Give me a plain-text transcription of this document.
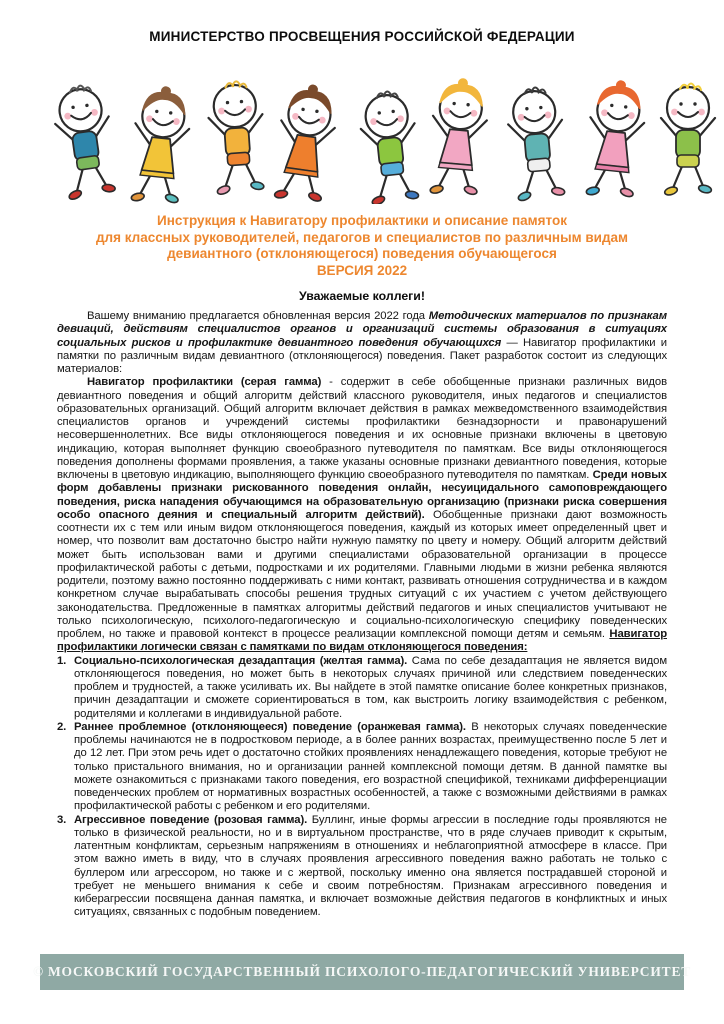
МИНИСТЕРСТВО ПРОСВЕЩЕНИЯ РОССИЙСКОЙ ФЕДЕРАЦИИ
Инструкция к Навигатору профилактики и описание памяток
для классных руководителей, педагогов и специалистов по различным видам
девиантного (отклоняющегося) поведения обучающегося
ВЕРСИЯ 2022
Уважаемые коллеги!

Вашему вниманию предлагается обновленная версия 2022 года Методических материалов по признакам девиаций, действиям специалистов органов и организаций системы образования в ситуациях социальных рисков и профилактике девиантного поведения обучающихся — Навигатор профилактики и памятки по различным видам девиантного (отклоняющегося) поведения. Пакет разработок состоит из следующих материалов:

Навигатор профилактики (серая гамма) - содержит в себе обобщенные признаки различных видов девиантного поведения и общий алгоритм действий классного руководителя, иных педагогов и специалистов образовательных организаций. Общий алгоритм включает действия в рамках межведомственного взаимодействия специалистов органов и учреждений системы профилактики безнадзорности и правонарушений несовершеннолетних. Все виды отклоняющегося поведения и их основные признаки включены в цветовую индикацию, которая выполняет функцию своеобразного путеводителя по памяткам. Все виды отклоняющегося поведения дополнены формами проявления, а также указаны основные признаки девиантного поведения, которые включены в цветовую индикацию, выполняющего функцию своеобразного путеводителя по памяткам. Среди новых форм добавлены признаки рискованного поведения онлайн, несуицидального самоповреждающего поведения, риска нападения обучающимся на образовательную организацию (признаки риска совершения особо опасного деяния и специальный алгоритм действий). Обобщенные признаки дают возможность соотнести их с тем или иным видом отклоняющегося поведения, каждый из которых имеет определенный цвет и номер, что позволит вам достаточно быстро найти нужную памятку по цвету и номеру. Общий алгоритм действий может быть использован вами и другими специалистами образовательной организации в процессе профилактической работы с детьми, подростками и их родителями. Главными людьми в жизни ребенка являются родители, поэтому важно постоянно поддерживать с ними контакт, развивать отношения сотрудничества и в каждом конкретном случае вырабатывать способы решения трудных ситуаций с их участием с учетом действующего законодательства. Предложенные в памятках алгоритмы действий педагогов и иных специалистов учитывают не только психологическую, психолого-педагогическую и социально-психологическую специфику поведенческих проблем, но также и правовой контекст в процессе реализации комплексной помощи детям и семьям. Навигатор профилактики логически связан с памятками по видам отклоняющегося поведения:

1. Социально-психологическая дезадаптация (желтая гамма). Сама по себе дезадаптация не является видом отклоняющегося поведения, но может быть в некоторых случаях причиной или следствием поведенческих проблем и трудностей, а также усиливать их. Вы найдете в этой памятке описание более конкретных признаков, причин дезадаптации и сможете сориентироваться в том, как выстроить логику взаимодействия с ребенком, родителями и коллегами в индивидуальной работе.
2. Раннее проблемное (отклоняющееся) поведение (оранжевая гамма). В некоторых случаях поведенческие проблемы начинаются не в подростковом периоде, а в более ранних возрастах, преимущественно после 5 лет и до 12 лет. При этом речь идет о достаточно стойких проявлениях ненадлежащего поведения, которые требуют не только пристального внимания, но и организации ранней комплексной помощи детям. В данной памятке вы можете ознакомиться с признаками такого поведения, его возрастной спецификой, техниками дифференциации поведенческих проблем от нормативных возрастных особенностей, а также с возможными действиями в рамках профилактической работы с ребенком и его родителями.
3. Агрессивное поведение (розовая гамма). Буллинг, иные формы агрессии в последние годы проявляются не только в физической реальности, но и в виртуальном пространстве, что в ряде случаев приводит к скрытым, латентным конфликтам, серьезным напряжениям в отношениях и неблагоприятной атмосфере в классе. При этом важно иметь в виду, что в случаях проявления агрессивного поведения важно работать не только с буллером или агрессором, но также и с жертвой, поскольку именно она является пострадавшей стороной и требует не меньшего внимания к себе и своим потребностям. Признакам агрессивного поведения и киберагрессии посвящена данная памятка, и включает возможные действия педагогов в конфликтных и иных ситуациях, связанных с подобным поведением.
© МОСКОВСКИЙ ГОСУДАРСТВЕННЫЙ ПСИХОЛОГО-ПЕДАГОГИЧЕСКИЙ УНИВЕРСИТЕТ
